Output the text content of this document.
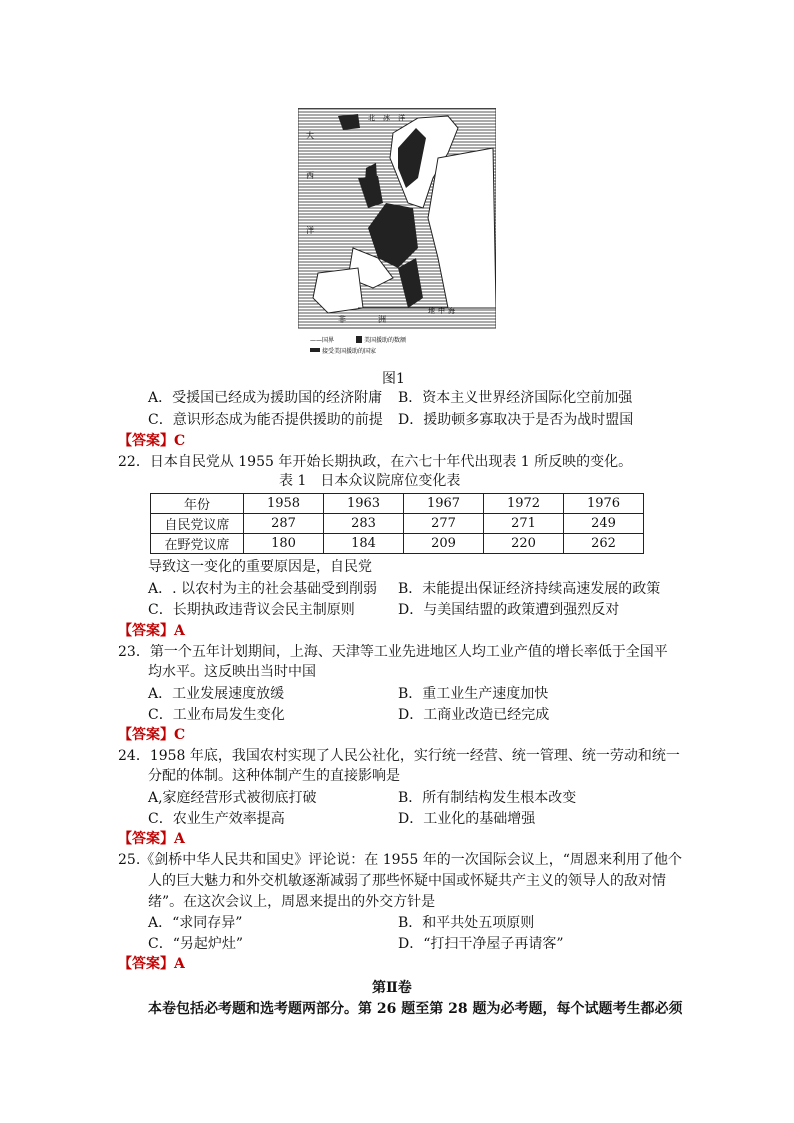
大
北 冰 洋
西
洋
非	洲
地 中 海
——国界	美国援助的数额
接受美国援助的国家
图1
A．受援国已经成为援助国的经济附庸 B．资本主义世界经济国际化空前加强
C．意识形态成为能否提供援助的前提 D．援助顿多寡取决于是否为战时盟国
【答案】C
22．日本自民党从 1955 年开始长期执政，在六七十年代出现表 1 所反映的变化。
表 1　日本众议院席位变化表
年份	1958	1963	1967	1972	1976
自民党议席	287	283	277	271	249
在野党议席	180	184	209	220	262
导致这一变化的重要原因是，自民党
A．. 以农村为主的社会基础受到削弱 B．未能提出保证经济持续高速发展的政策
C．长期执政违背议会民主制原则	D．与美国结盟的政策遭到强烈反对
【答案】A
23．第一个五年计划期间，上海、天津等工业先进地区人均工业产值的增长率低于全国平
均水平。这反映出当时中国
A．工业发展速度放缓	B．重工业生产速度加快
C．工业布局发生变化	D．工商业改造已经完成
【答案】C
24．1958 年底，我国农村实现了人民公社化，实行统一经营、统一管理、统一劳动和统一
分配的体制。这种体制产生的直接影响是
A,家庭经营形式被彻底打破	B．所有制结构发生根本改变
C．农业生产效率提高	D．工业化的基础增强
【答案】A
25.《剑桥中华人民共和国史》评论说：在 1955 年的一次国际会议上，“周恩来利用了他个
人的巨大魅力和外交机敏逐渐减弱了那些怀疑中国或怀疑共产主义的领导人的敌对情
绪”。在这次会议上，周恩来提出的外交方针是
A．“求同存异”	B．和平共处五项原则
C．“另起炉灶”	D．“打扫干净屋子再请客”
【答案】A
第Ⅱ卷
本卷包括必考题和选考题两部分。第 26 题至第 28 题为必考题，每个试题考生都必须
